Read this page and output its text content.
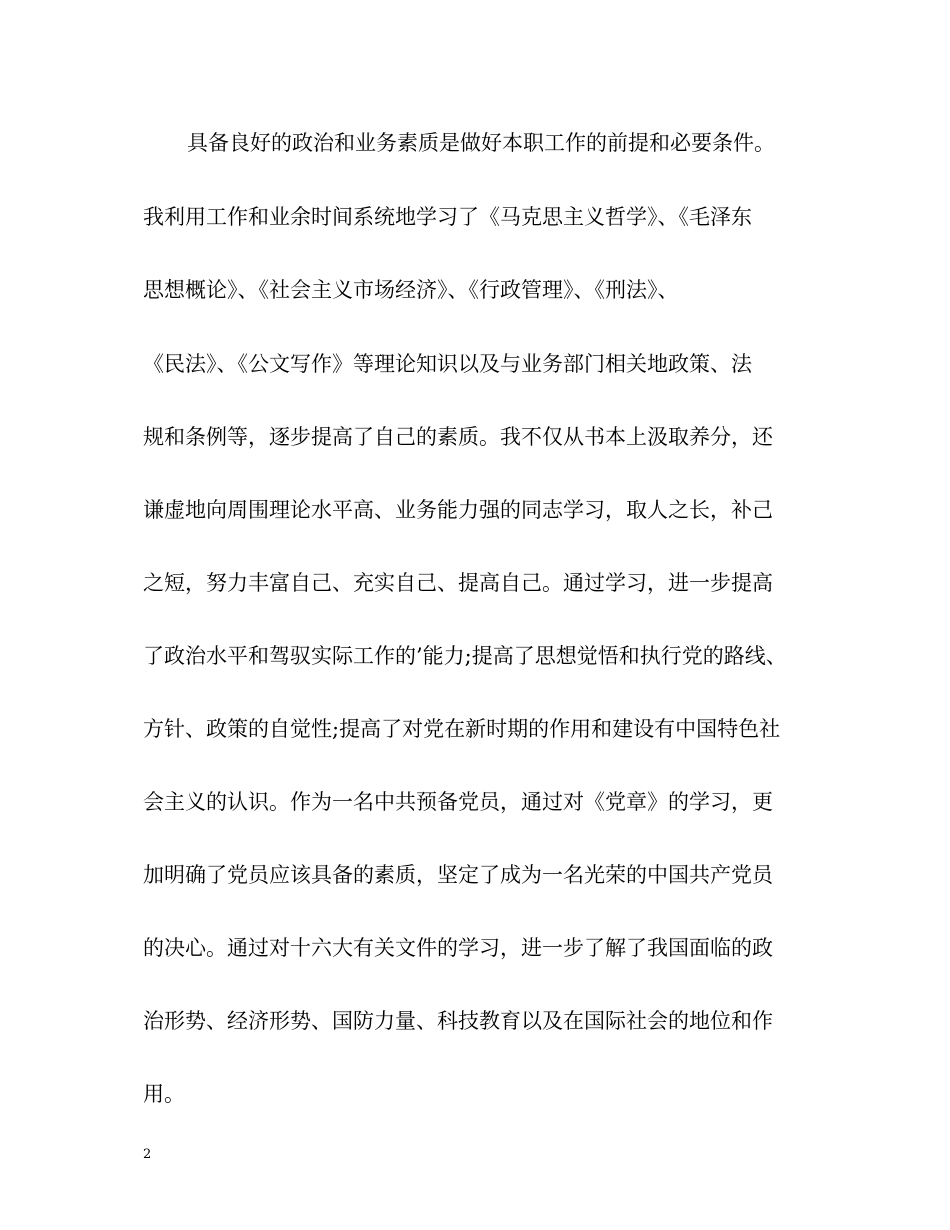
具备良好的政治和业务素质是做好本职工作的前提和必要条件。
我利用工作和业余时间系统地学习了《马克思主义哲学》、《毛泽东
思想概论》、《社会主义市场经济》、《行政管理》、《刑法》、
《民法》、《公文写作》等理论知识以及与业务部门相关地政策、法
规和条例等，逐步提高了自己的素质。我不仅从书本上汲取养分，还
谦虚地向周围理论水平高、业务能力强的同志学习，取人之长，补己
之短，努力丰富自己、充实自己、提高自己。通过学习，进一步提高
了政治水平和驾驭实际工作的’能力;提高了思想觉悟和执行党的路线、
方针、政策的自觉性;提高了对党在新时期的作用和建设有中国特色社
会主义的认识。作为一名中共预备党员，通过对《党章》的学习，更
加明确了党员应该具备的素质，坚定了成为一名光荣的中国共产党员
的决心。通过对十六大有关文件的学习，进一步了解了我国面临的政
治形势、经济形势、国防力量、科技教育以及在国际社会的地位和作
用。
2
